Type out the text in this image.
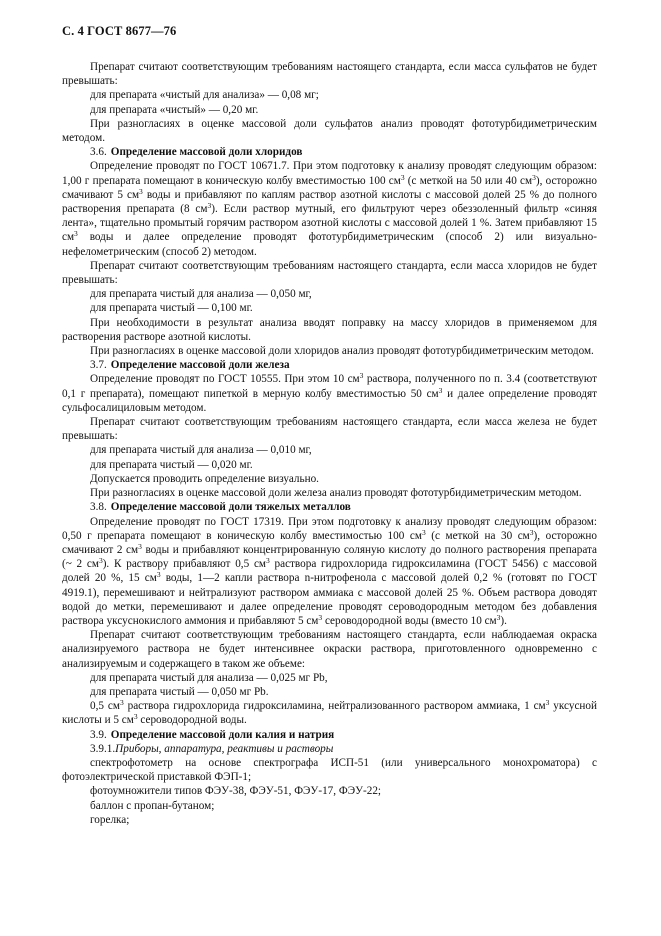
С. 4 ГОСТ 8677—76

Препарат считают соответствующим требованиям настоящего стандарта, если масса сульфатов не будет превышать:

для препарата «чистый для анализа» — 0,08 мг;

для препарата «чистый» — 0,20 мг.

При разногласиях в оценке массовой доли сульфатов анализ проводят фототурбидиметрическим методом.

3.6. Определение массовой доли хлоридов

Определение проводят по ГОСТ 10671.7. При этом подготовку к анализу проводят следующим образом: 1,00 г препарата помещают в коническую колбу вместимостью 100 $см^3$ (с меткой на 50 или 40 $см^3$), осторожно смачивают 5 $см^3$ воды и прибавляют по каплям раствор азотной кислоты с массовой долей 25 % до полного растворения препарата (8 $см^3$). Если раствор мутный, его фильтруют через обеззоленный фильтр «синяя лента», тщательно промытый горячим раствором азотной кислоты с массовой долей 1 %. Затем прибавляют 15 $см^3$ воды и далее определение проводят фототурбидиметрическим (способ 2) или визуально-нефелометрическим (способ 2) методом.

Препарат считают соответствующим требованиям настоящего стандарта, если масса хлоридов не будет превышать:

для препарата чистый для анализа — 0,050 мг,

для препарата чистый — 0,100 мг.

При необходимости в результат анализа вводят поправку на массу хлоридов в применяемом для растворения растворе азотной кислоты.

При разногласиях в оценке массовой доли хлоридов анализ проводят фототурбидиметрическим методом.

3.7. Определение массовой доли железа

Определение проводят по ГОСТ 10555. При этом 10 $см^3$ раствора, полученного по п. 3.4 (соответствуют 0,1 г препарата), помещают пипеткой в мерную колбу вместимостью 50 $см^3$ и далее определение проводят сульфосалициловым методом.

Препарат считают соответствующим требованиям настоящего стандарта, если масса железа не будет превышать:

для препарата чистый для анализа — 0,010 мг,

для препарата чистый — 0,020 мг.

Допускается проводить определение визуально.

При разногласиях в оценке массовой доли железа анализ проводят фототурбидиметрическим методом.

3.8. Определение массовой доли тяжелых металлов

Определение проводят по ГОСТ 17319. При этом подготовку к анализу проводят следующим образом: 0,50 г препарата помещают в коническую колбу вместимостью 100 $см^3$ (с меткой на 30 $см^3$), осторожно смачивают 2 $см^3$ воды и прибавляют концентрированную соляную кислоту до полного растворения препарата (~ 2 $см^3$). К раствору прибавляют 0,5 $см^3$ раствора гидрохлорида гидроксиламина (ГОСТ 5456) с массовой долей 20 %, 15 $см^3$ воды, 1—2 капли раствора n-нитрофенола с массовой долей 0,2 % (готовят по ГОСТ 4919.1), перемешивают и нейтрализуют раствором аммиака с массовой долей 25 %. Объем раствора доводят водой до метки, перемешивают и далее определение проводят сероводородным методом без добавления раствора уксуснокислого аммония и прибавляют 5 $см^3$ сероводородной воды (вместо 10 $см^3$).

Препарат считают соответствующим требованиям настоящего стандарта, если наблюдаемая окраска анализируемого раствора не будет интенсивнее окраски раствора, приготовленного одновременно с анализируемым и содержащего в таком же объеме:

для препарата чистый для анализа — 0,025 мг Pb,

для препарата чистый — 0,050 мг Pb.

0,5 $см^3$ раствора гидрохлорида гидроксиламина, нейтрализованного раствором аммиака, 1 $см^3$ уксусной кислоты и 5 $см^3$ сероводородной воды.

3.9. Определение массовой доли калия и натрия

3.9.1.Приборы, аппаратура, реактивы и растворы

спектрофотометр на основе спектрографа ИСП-51 (или универсального монохроматора) с фотоэлектрической приставкой ФЭП-1;

фотоумножители типов ФЭУ-38, ФЭУ-51, ФЭУ-17, ФЭУ-22;

баллон с пропан-бутаном;

горелка;
